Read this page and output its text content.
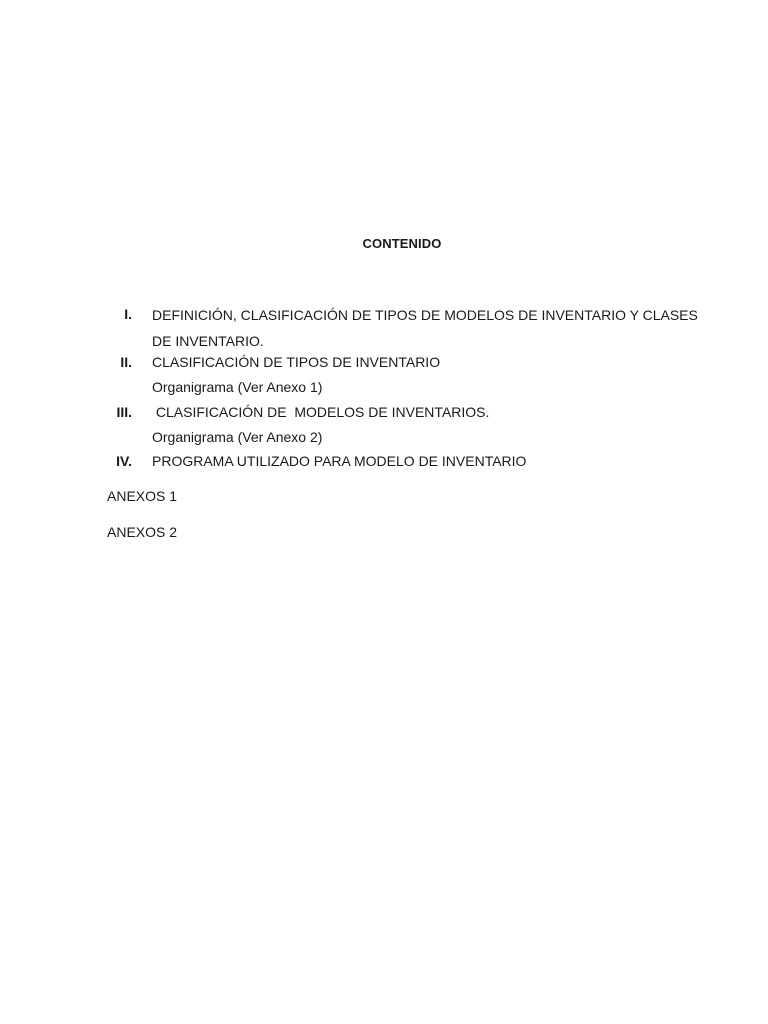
CONTENIDO
I. DEFINICIÓN, CLASIFICACIÓN DE TIPOS DE MODELOS DE INVENTARIO Y CLASES DE INVENTARIO.
II. CLASIFICACIÓN DE TIPOS DE INVENTARIO
Organigrama (Ver Anexo 1)
III. CLASIFICACIÓN DE  MODELOS DE INVENTARIOS.
Organigrama (Ver Anexo 2)
IV. PROGRAMA UTILIZADO PARA MODELO DE INVENTARIO
ANEXOS 1
ANEXOS 2
